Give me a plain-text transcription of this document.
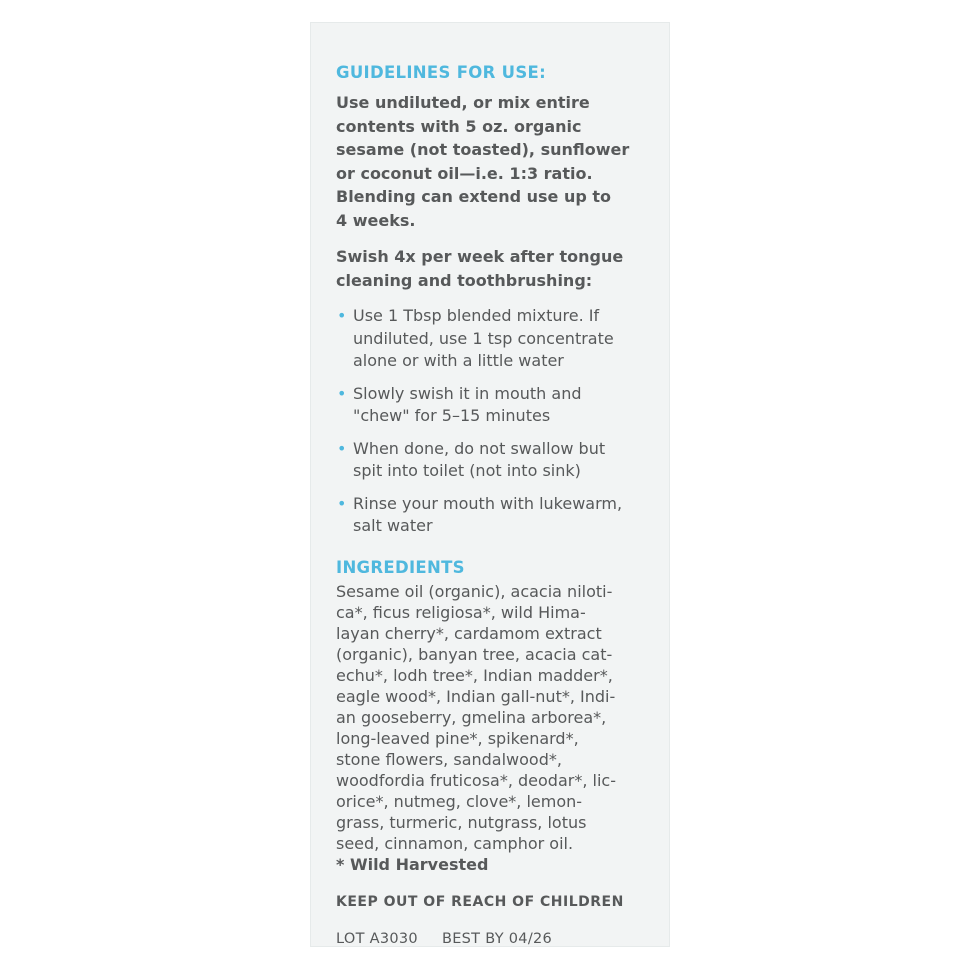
GUIDELINES FOR USE:

Use undiluted, or mix entire
contents with 5 oz. organic
sesame (not toasted), sunflower
or coconut oil—i.e. 1:3 ratio.
Blending can extend use up to
4 weeks.

Swish 4x per week after tongue
cleaning and toothbrushing:

• Use 1 Tbsp blended mixture. If
undiluted, use 1 tsp concentrate
alone or with a little water
• Slowly swish it in mouth and
"chew" for 5–15 minutes
• When done, do not swallow but
spit into toilet (not into sink)
• Rinse your mouth with lukewarm,
salt water
INGREDIENTS

Sesame oil (organic), acacia niloti-
ca*, ficus religiosa*, wild Hima-
layan cherry*, cardamom extract
(organic), banyan tree, acacia cat-
echu*, lodh tree*, Indian madder*,
eagle wood*, Indian gall-nut*, Indi-
an gooseberry, gmelina arborea*,
long-leaved pine*, spikenard*,
stone flowers, sandalwood*,
woodfordia fruticosa*, deodar*, lic-
orice*, nutmeg, clove*, lemon-
grass, turmeric, nutgrass, lotus
seed, cinnamon, camphor oil.

* Wild Harvested

KEEP OUT OF REACH OF CHILDREN
LOT A3030 BEST BY 04/26
